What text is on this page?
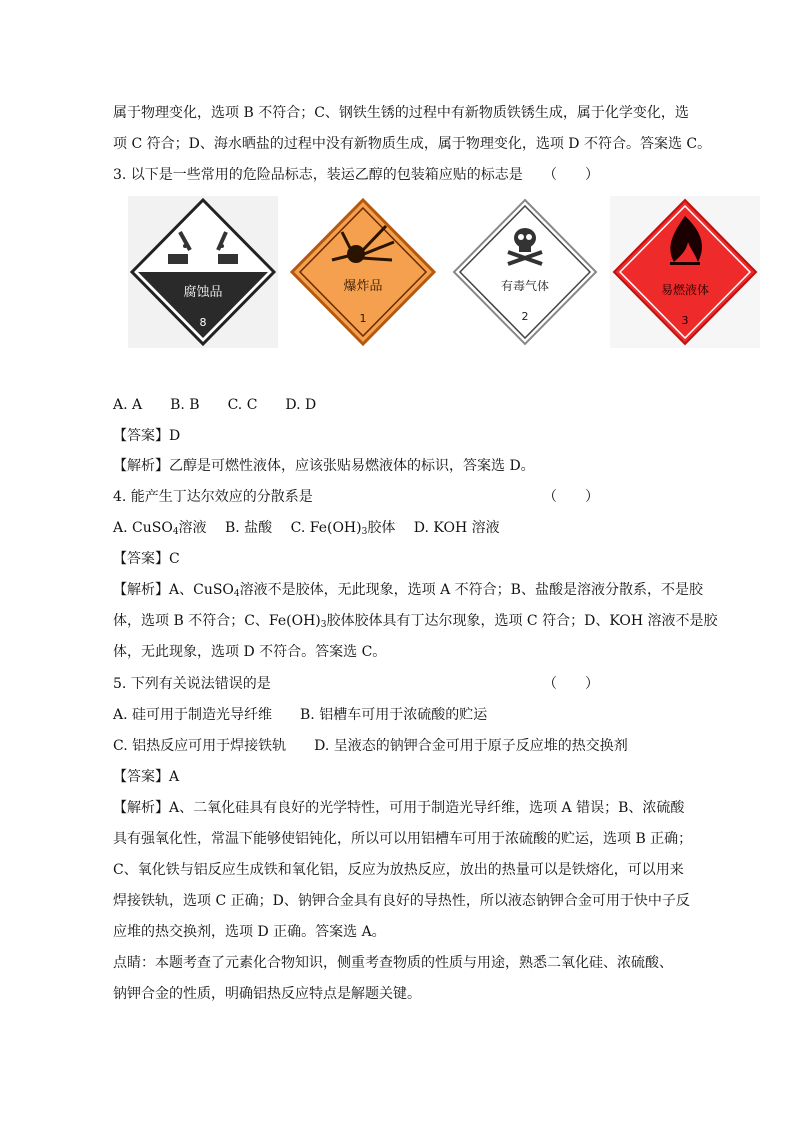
属于物理变化，选项 B 不符合；C、钢铁生锈的过程中有新物质铁锈生成，属于化学变化，选
项 C 符合；D、海水晒盐的过程中没有新物质生成，属于物理变化，选项 D 不符合。答案选 C。
3. 以下是一些常用的危险品标志，装运乙醇的包装箱应贴的标志是 （　　）
腐蚀品
8
爆炸品
1
有毒气体
2
易燃液体
3
A. A　　B. B　　C. C　　D. D
【答案】D
【解析】乙醇是可燃性液体，应该张贴易燃液体的标识，答案选 D。
4. 能产生丁达尔效应的分散系是	（　　）
A. CuSO$_4$溶液　 B. 盐酸　 C. $Fe(OH)_3$胶体　 D. KOH 溶液
【答案】C
【解析】A、CuSO$_4$溶液不是胶体，无此现象，选项 A 不符合；B、盐酸是溶液分散系，不是胶
体，选项 B 不符合；C、$Fe(OH)_3$胶体胶体具有丁达尔现象，选项 C 符合；D、KOH 溶液不是胶
体，无此现象，选项 D 不符合。答案选 C。
5. 下列有关说法错误的是	（　　）
A. 硅可用于制造光导纤维　　B. 铝槽车可用于浓硫酸的贮运
C. 铝热反应可用于焊接铁轨　　D. 呈液态的钠钾合金可用于原子反应堆的热交换剂
【答案】A
【解析】A、二氧化硅具有良好的光学特性，可用于制造光导纤维，选项 A 错误；B、浓硫酸
具有强氧化性，常温下能够使铝钝化，所以可以用铝槽车可用于浓硫酸的贮运，选项 B 正确；
C、氧化铁与铝反应生成铁和氧化铝，反应为放热反应，放出的热量可以是铁熔化，可以用来
焊接铁轨，选项 C 正确；D、钠钾合金具有良好的导热性，所以液态钠钾合金可用于快中子反
应堆的热交换剂，选项 D 正确。答案选 A。
点睛：本题考查了元素化合物知识，侧重考查物质的性质与用途，熟悉二氧化硅、浓硫酸、
钠钾合金的性质，明确铝热反应特点是解题关键。
